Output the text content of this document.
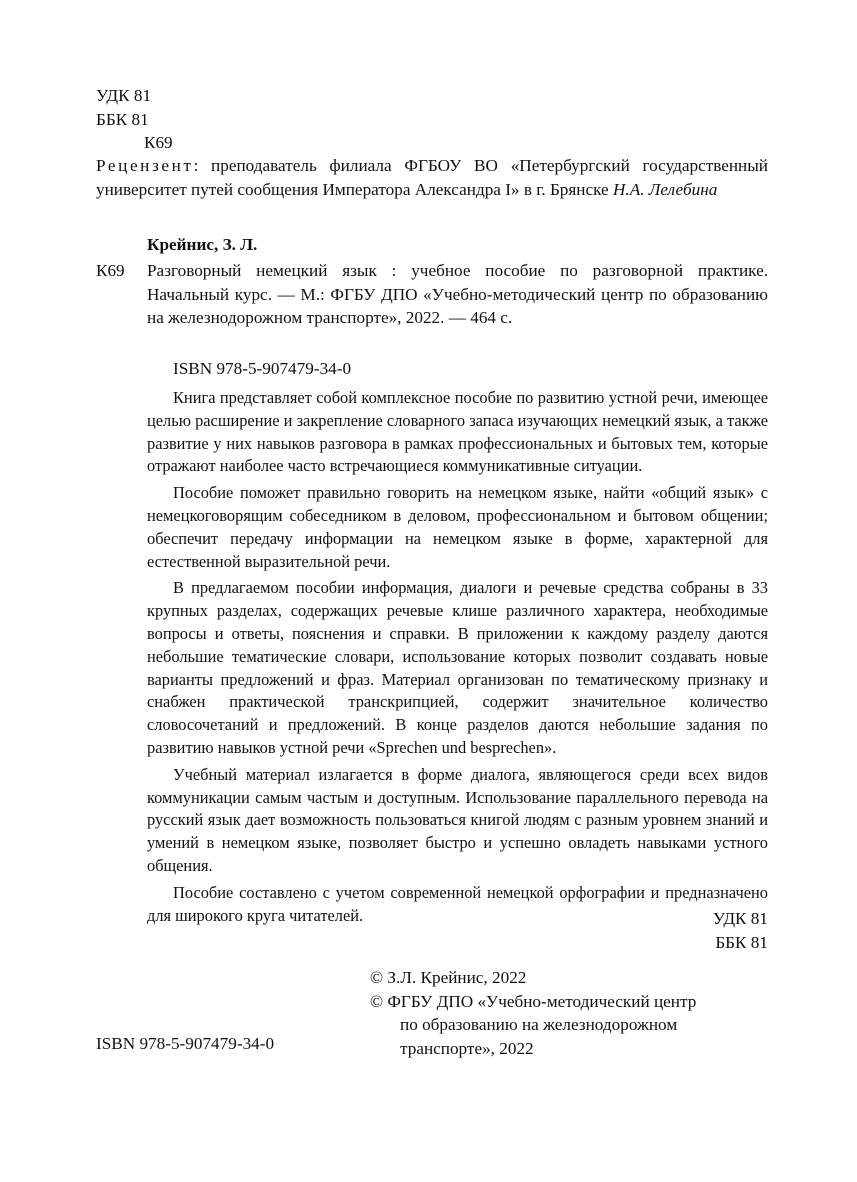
УДК 81
ББК 81
К69
Рецензент: преподаватель филиала ФГБОУ ВО «Петербургский государственный университет путей сообщения Императора Александра I» в г. Брянске Н.А. Лелебина
Крейнис, З. Л.
К69 Разговорный немецкий язык : учебное пособие по разговорной практике. Начальный курс. — М.: ФГБУ ДПО «Учебно-методический центр по образованию на железнодорожном транспорте», 2022. — 464 с.
ISBN 978-5-907479-34-0

Книга представляет собой комплексное пособие по развитию устной речи, имеющее целью расширение и закрепление словарного запаса изучающих немецкий язык, а также развитие у них навыков разговора в рамках профессиональных и бытовых тем, которые отражают наиболее часто встречающиеся коммуникативные ситуации.

Пособие поможет правильно говорить на немецком языке, найти «общий язык» с немецкоговорящим собеседником в деловом, профессиональном и бытовом общении; обеспечит передачу информации на немецком языке в форме, характерной для естественной выразительной речи.

В предлагаемом пособии информация, диалоги и речевые средства собраны в 33 крупных разделах, содержащих речевые клише различного характера, необходимые вопросы и ответы, пояснения и справки. В приложении к каждому разделу даются небольшие тематические словари, использование которых позволит создавать новые варианты предложений и фраз. Материал организован по тематическому признаку и снабжен практической транскрипцией, содержит значительное количество словосочетаний и предложений. В конце разделов даются небольшие задания по развитию навыков устной речи «Sprechen und besprechen».

Учебный материал излагается в форме диалога, являющегося среди всех видов коммуникации самым частым и доступным. Использование параллельного перевода на русский язык дает возможность пользоваться книгой людям с разным уровнем знаний и умений в немецком языке, позволяет быстро и успешно овладеть навыками устного общения.

Пособие составлено с учетом современной немецкой орфографии и предназначено для широкого круга читателей.	УДК 81
ББК 81
© З.Л. Крейнис, 2022
© ФГБУ ДПО «Учебно-методический центр
по образованию на железнодорожном
транспорте», 2022
ISBN 978-5-907479-34-0
